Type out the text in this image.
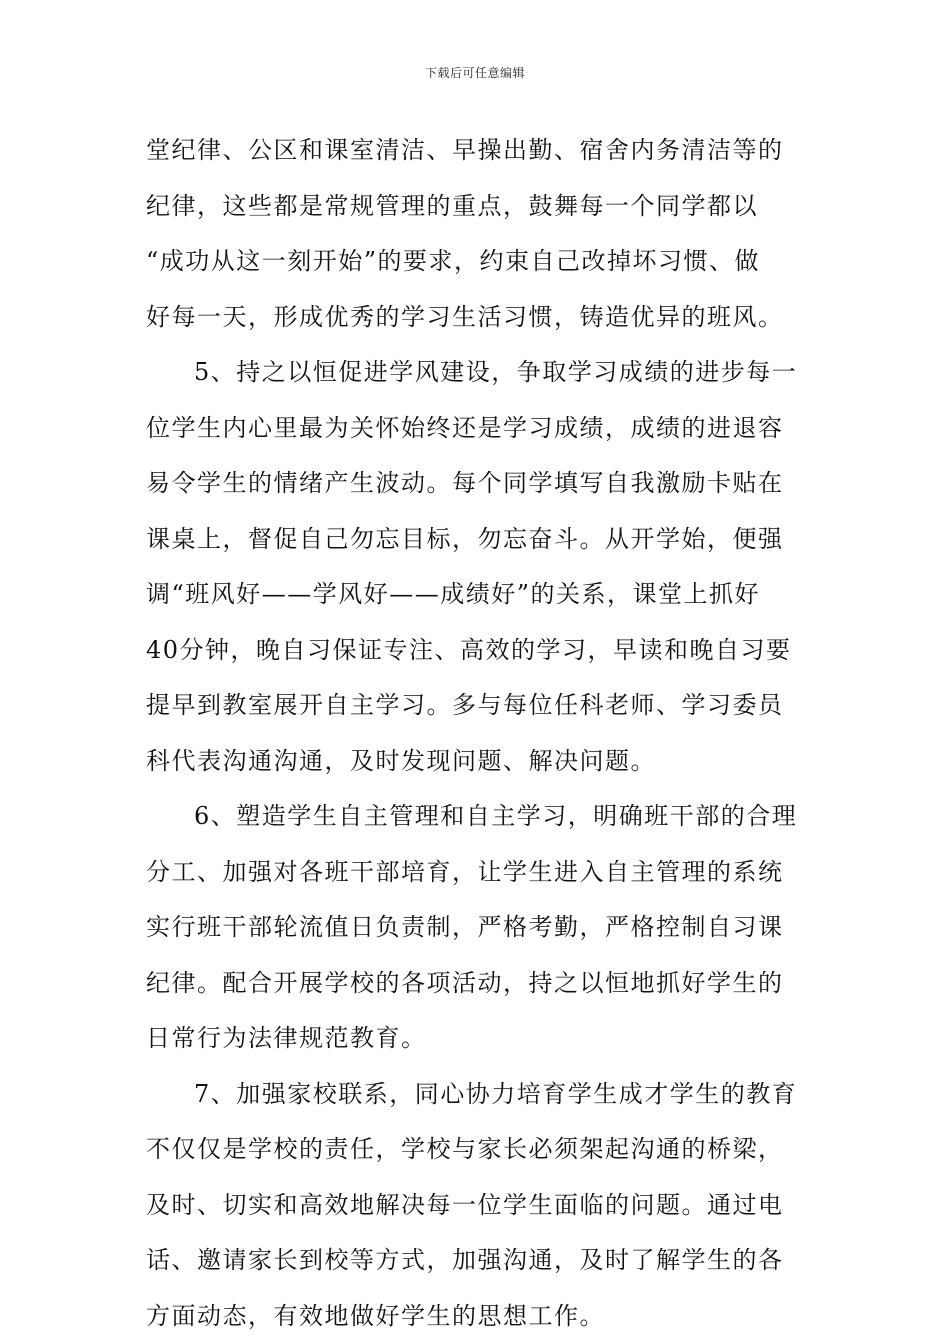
下载后可任意编辑
堂纪律、公区和课室清洁、早操出勤、宿舍内务清洁等的
纪律，这些都是常规管理的重点，鼓舞每一个同学都以
“成功从这一刻开始”的要求，约束自己改掉坏习惯、做
好每一天，形成优秀的学习生活习惯，铸造优异的班风。
5、持之以恒促进学风建设，争取学习成绩的进步每一
位学生内心里最为关怀始终还是学习成绩，成绩的进退容
易令学生的情绪产生波动。每个同学填写自我激励卡贴在
课桌上，督促自己勿忘目标，勿忘奋斗。从开学始，便强
调“班风好——学风好——成绩好”的关系，课堂上抓好
40分钟，晚自习保证专注、高效的学习，早读和晚自习要
提早到教室展开自主学习。多与每位任科老师、学习委员
科代表沟通沟通，及时发现问题、解决问题。
6、塑造学生自主管理和自主学习，明确班干部的合理
分工、加强对各班干部培育，让学生进入自主管理的系统
实行班干部轮流值日负责制，严格考勤，严格控制自习课
纪律。配合开展学校的各项活动，持之以恒地抓好学生的
日常行为法律规范教育。
7、加强家校联系，同心协力培育学生成才学生的教育
不仅仅是学校的责任，学校与家长必须架起沟通的桥梁，
及时、切实和高效地解决每一位学生面临的问题。通过电
话、邀请家长到校等方式，加强沟通，及时了解学生的各
方面动态，有效地做好学生的思想工作。
